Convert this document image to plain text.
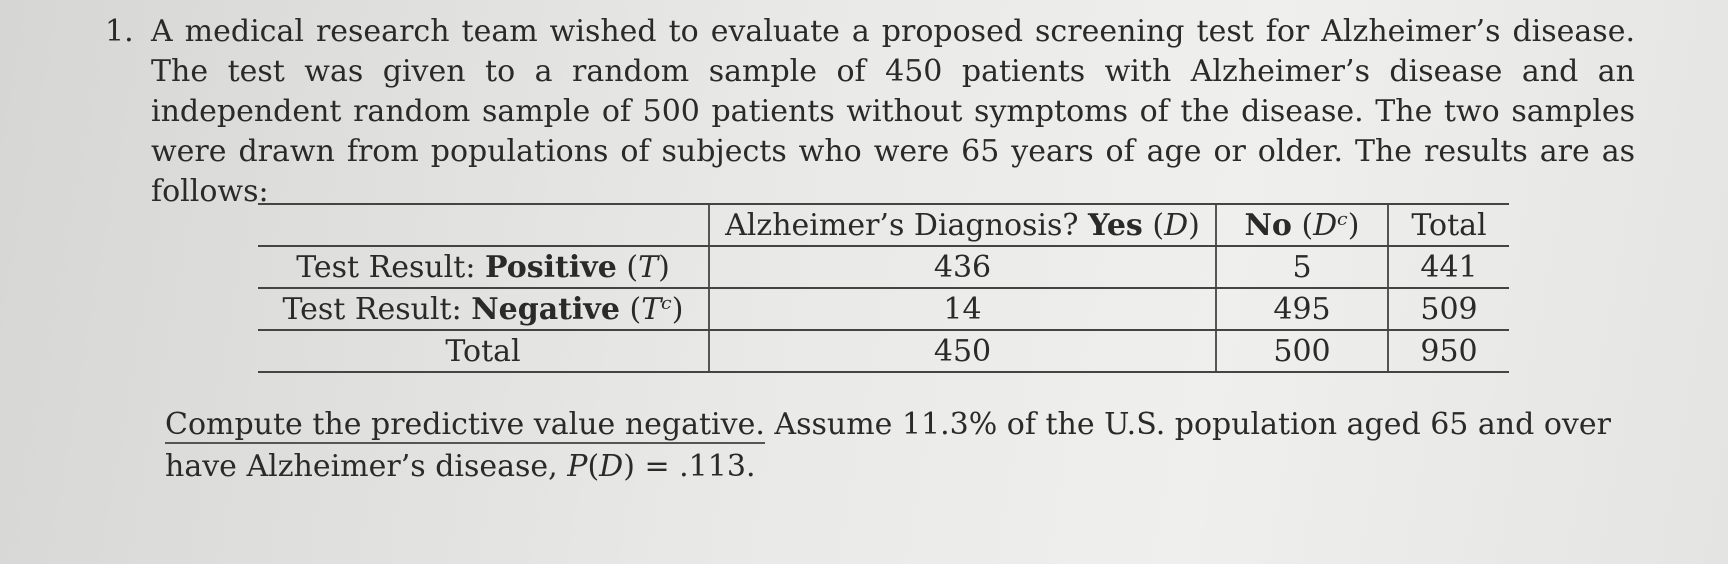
1. A medical research team wished to evaluate a proposed screening test for Alzheimer’s disease. The test was given to a random sample of 450 patients with Alzheimer’s disease and an independent random sample of 500 patients without symptoms of the disease. The two samples were drawn from populations of subjects who were 65 years of age or older. The results are as follows:
	Alzheimer’s Diagnosis? Yes (D)	No (Dᶜ)	Total
Test Result: Positive (T)	436	5	441
Test Result: Negative (Tᶜ)	14	495	509
Total	450	500	950
Compute the predictive value negative. Assume 11.3% of the U.S. population aged 65 and over have Alzheimer’s disease, P(D) = .113.
